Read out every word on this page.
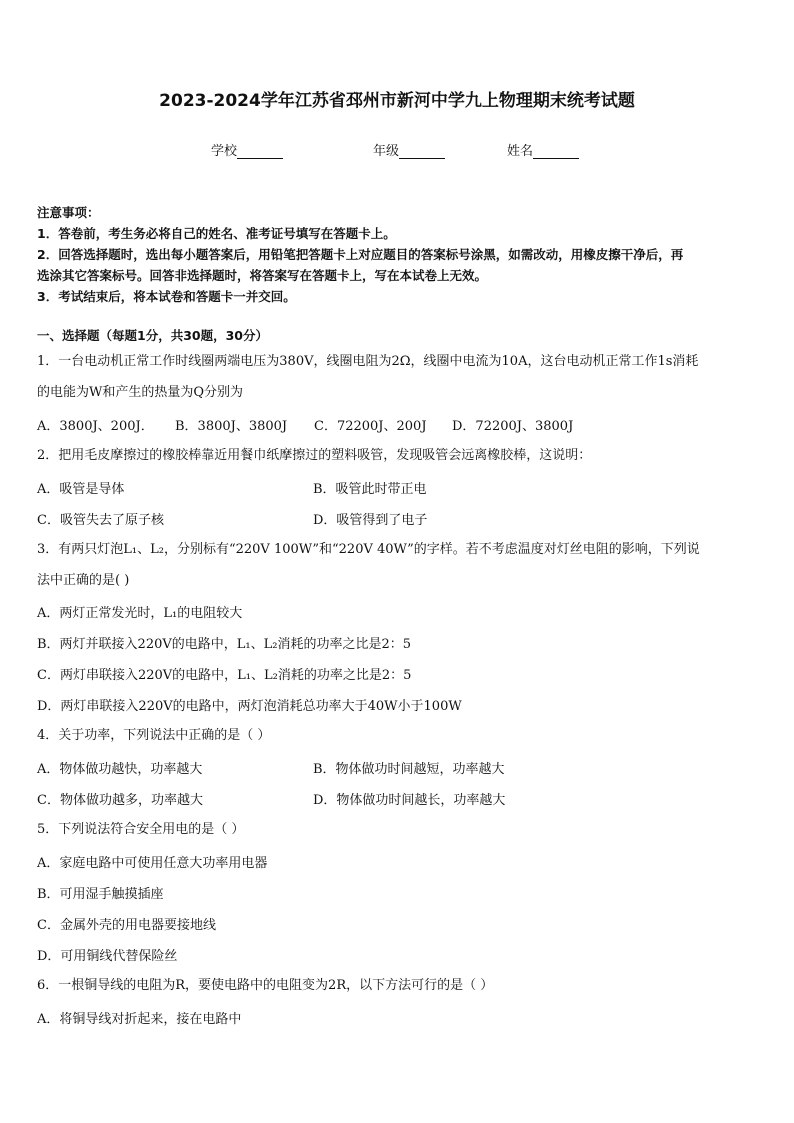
2023-2024学年江苏省邳州市新河中学九上物理期末统考试题
学校	年级	姓名
注意事项：
1．答卷前，考生务必将自己的姓名、准考证号填写在答题卡上。
2．回答选择题时，选出每小题答案后，用铅笔把答题卡上对应题目的答案标号涂黑，如需改动，用橡皮擦干净后，再
选涂其它答案标号。回答非选择题时，将答案写在答题卡上，写在本试卷上无效。
3．考试结束后，将本试卷和答题卡一并交回。
一、选择题（每题1分，共30题，30分）
1．一台电动机正常工作时线圈两端电压为380V，线圈电阻为2Ω，线圈中电流为10A，这台电动机正常工作1s消耗
的电能为W和产生的热量为Q分别为
A．3800J、200J． B．3800J、3800J C．72200J、200J D．72200J、3800J
2．把用毛皮摩擦过的橡胶棒靠近用餐巾纸摩擦过的塑料吸管，发现吸管会远离橡胶棒，这说明：
A．吸管是导体	B．吸管此时带正电
C．吸管失去了原子核	D．吸管得到了电子
3．有两只灯泡L₁、L₂，分别标有“220V 100W”和“220V 40W”的字样。若不考虑温度对灯丝电阻的影响，下列说
法中正确的是( )
A．两灯正常发光时，L₁的电阻较大
B．两灯并联接入220V的电路中，L₁、L₂消耗的功率之比是2：5
C．两灯串联接入220V的电路中，L₁、L₂消耗的功率之比是2：5
D．两灯串联接入220V的电路中，两灯泡消耗总功率大于40W小于100W
4．关于功率，下列说法中正确的是（ ）
A．物体做功越快，功率越大	B．物体做功时间越短，功率越大
C．物体做功越多，功率越大	D．物体做功时间越长，功率越大
5．下列说法符合安全用电的是（ ）
A．家庭电路中可使用任意大功率用电器
B．可用湿手触摸插座
C．金属外壳的用电器要接地线
D．可用铜线代替保险丝
6．一根铜导线的电阻为R，要使电路中的电阻变为2R，以下方法可行的是（ ）
A．将铜导线对折起来，接在电路中
